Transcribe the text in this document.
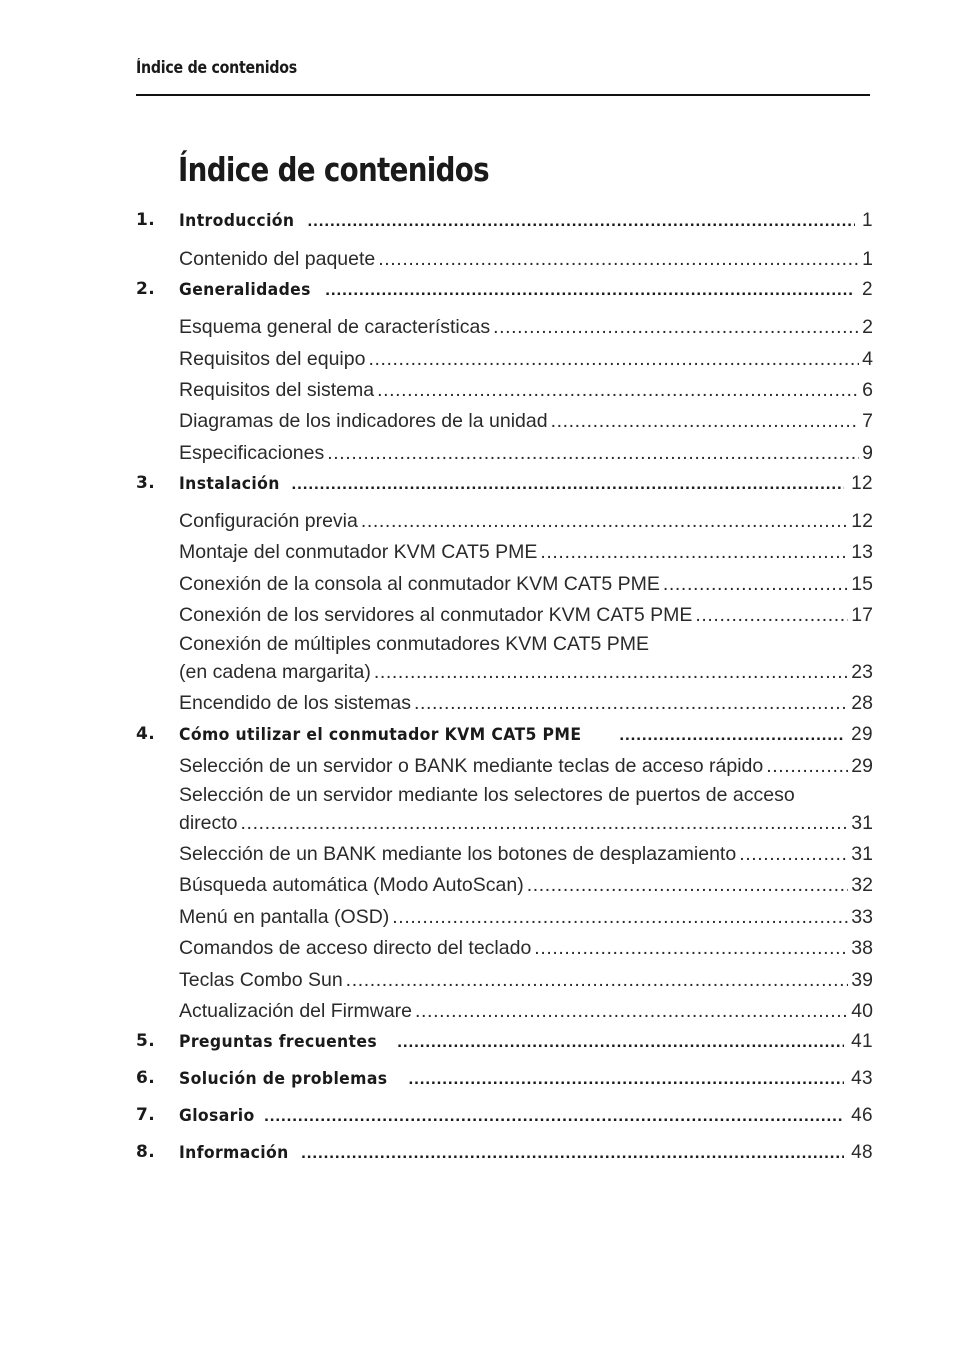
Índice de contenidos
Índice de contenidos
1. Introducción .....	1
Contenido del paquete .....	1
2. Generalidades .....	2
Esquema general de características .....	2
Requisitos del equipo .....	4
Requisitos del sistema .....	6
Diagramas de los indicadores de la unidad .....	7
Especificaciones .....	9
3. Instalación .....	12
Configuración previa .....	12
Montaje del conmutador KVM CAT5 PME .....	13
Conexión de la consola al conmutador KVM CAT5 PME .....	15
Conexión de los servidores al conmutador KVM CAT5 PME .....	17
Conexión de múltiples conmutadores KVM CAT5 PME
(en cadena margarita) .....	23
Encendido de los sistemas .....	28
4. Cómo utilizar el conmutador KVM CAT5 PME .....	29
Selección de un servidor o BANK mediante teclas de acceso rápido .....	29
Selección de un servidor mediante los selectores de puertos de acceso
directo .....	31
Selección de un BANK mediante los botones de desplazamiento .....	31
Búsqueda automática (Modo AutoScan) .....	32
Menú en pantalla (OSD) .....	33
Comandos de acceso directo del teclado .....	38
Teclas Combo Sun .....	39
Actualización del Firmware .....	40
5. Preguntas frecuentes .....	41
6. Solución de problemas .....	43
7. Glosario .....	46
8. Información .....	48
